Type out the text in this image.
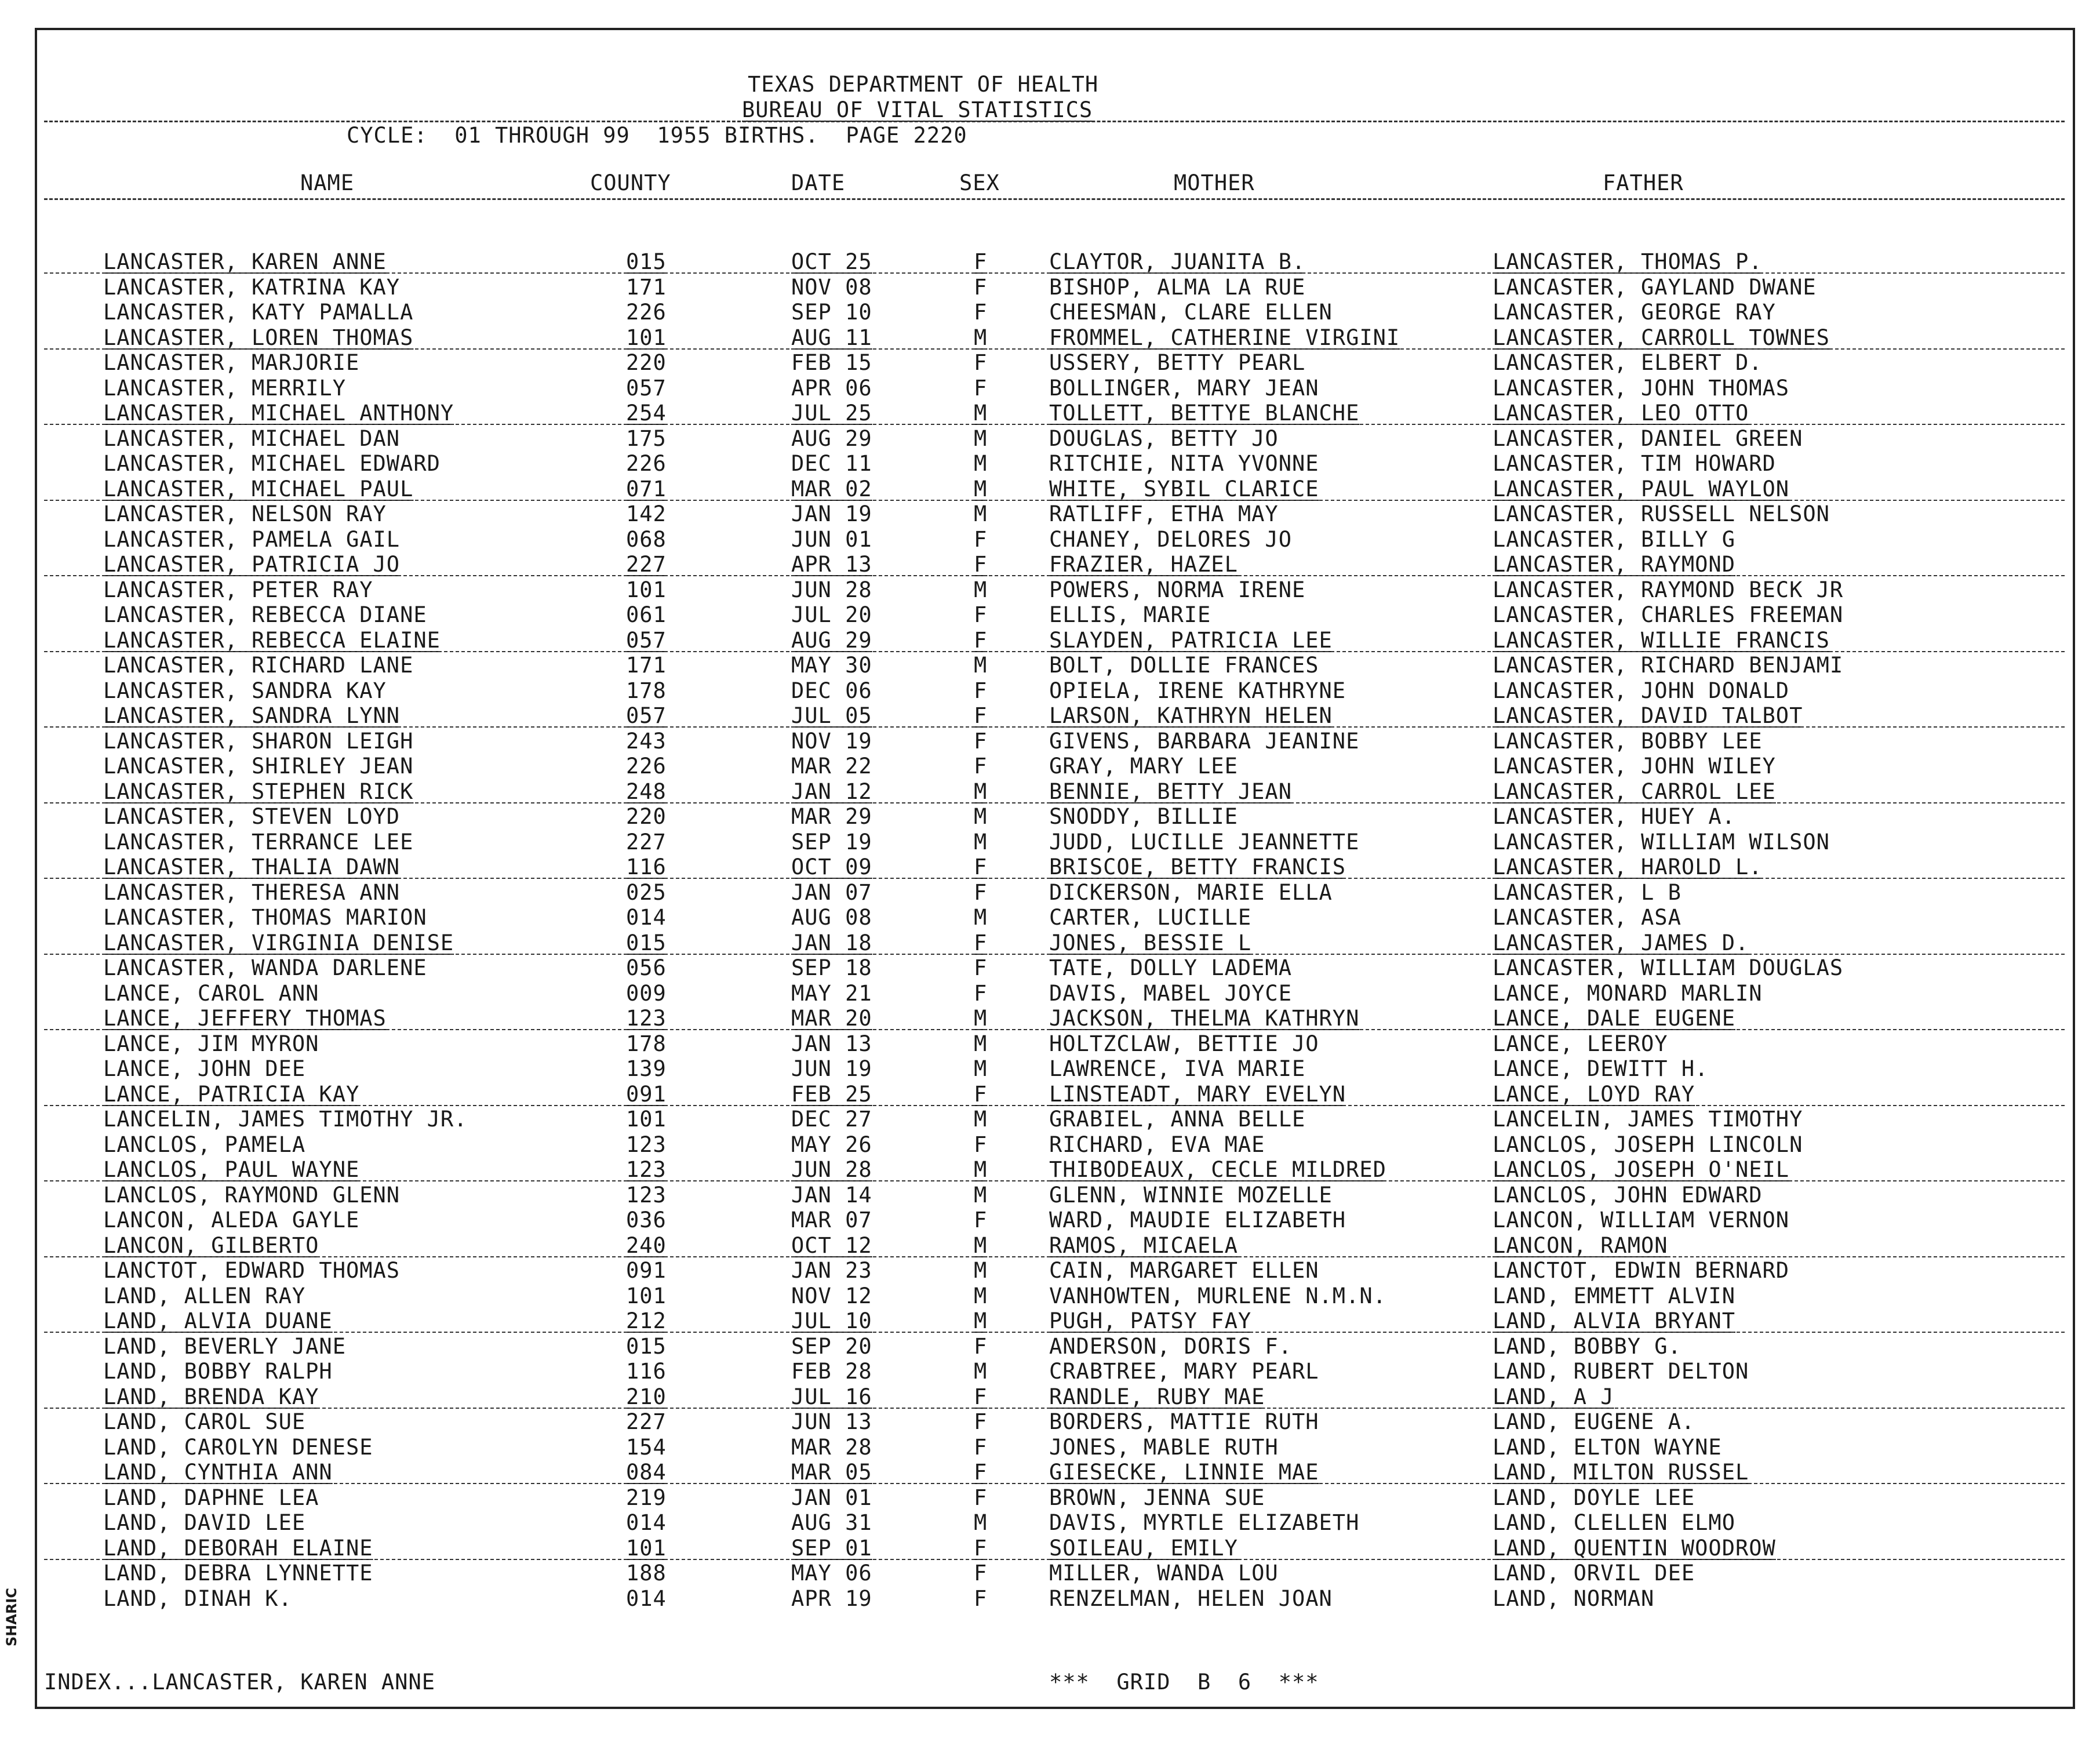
TEXAS DEPARTMENT OF HEALTH
BUREAU OF VITAL STATISTICS
CYCLE:  01 THROUGH 99  1955 BIRTHS.  PAGE 2220
NAME	COUNTY	DATE	SEX	MOTHER	FATHER
LANCASTER, KAREN ANNE	015	OCT 25	F	CLAYTOR, JUANITA B.	LANCASTER, THOMAS P.
LANCASTER, KATRINA KAY	171	NOV 08	F	BISHOP, ALMA LA RUE	LANCASTER, GAYLAND DWANE
LANCASTER, KATY PAMALLA	226	SEP 10	F	CHEESMAN, CLARE ELLEN	LANCASTER, GEORGE RAY
LANCASTER, LOREN THOMAS	101	AUG 11	M	FROMMEL, CATHERINE VIRGINI	LANCASTER, CARROLL TOWNES
LANCASTER, MARJORIE	220	FEB 15	F	USSERY, BETTY PEARL	LANCASTER, ELBERT D.
LANCASTER, MERRILY	057	APR 06	F	BOLLINGER, MARY JEAN	LANCASTER, JOHN THOMAS
LANCASTER, MICHAEL ANTHONY	254	JUL 25	M	TOLLETT, BETTYE BLANCHE	LANCASTER, LEO OTTO
LANCASTER, MICHAEL DAN	175	AUG 29	M	DOUGLAS, BETTY JO	LANCASTER, DANIEL GREEN
LANCASTER, MICHAEL EDWARD	226	DEC 11	M	RITCHIE, NITA YVONNE	LANCASTER, TIM HOWARD
LANCASTER, MICHAEL PAUL	071	MAR 02	M	WHITE, SYBIL CLARICE	LANCASTER, PAUL WAYLON
LANCASTER, NELSON RAY	142	JAN 19	M	RATLIFF, ETHA MAY	LANCASTER, RUSSELL NELSON
LANCASTER, PAMELA GAIL	068	JUN 01	F	CHANEY, DELORES JO	LANCASTER, BILLY G
LANCASTER, PATRICIA JO	227	APR 13	F	FRAZIER, HAZEL	LANCASTER, RAYMOND
LANCASTER, PETER RAY	101	JUN 28	M	POWERS, NORMA IRENE	LANCASTER, RAYMOND BECK JR
LANCASTER, REBECCA DIANE	061	JUL 20	F	ELLIS, MARIE	LANCASTER, CHARLES FREEMAN
LANCASTER, REBECCA ELAINE	057	AUG 29	F	SLAYDEN, PATRICIA LEE	LANCASTER, WILLIE FRANCIS
LANCASTER, RICHARD LANE	171	MAY 30	M	BOLT, DOLLIE FRANCES	LANCASTER, RICHARD BENJAMI
LANCASTER, SANDRA KAY	178	DEC 06	F	OPIELA, IRENE KATHRYNE	LANCASTER, JOHN DONALD
LANCASTER, SANDRA LYNN	057	JUL 05	F	LARSON, KATHRYN HELEN	LANCASTER, DAVID TALBOT
LANCASTER, SHARON LEIGH	243	NOV 19	F	GIVENS, BARBARA JEANINE	LANCASTER, BOBBY LEE
LANCASTER, SHIRLEY JEAN	226	MAR 22	F	GRAY, MARY LEE	LANCASTER, JOHN WILEY
LANCASTER, STEPHEN RICK	248	JAN 12	M	BENNIE, BETTY JEAN	LANCASTER, CARROL LEE
LANCASTER, STEVEN LOYD	220	MAR 29	M	SNODDY, BILLIE	LANCASTER, HUEY A.
LANCASTER, TERRANCE LEE	227	SEP 19	M	JUDD, LUCILLE JEANNETTE	LANCASTER, WILLIAM WILSON
LANCASTER, THALIA DAWN	116	OCT 09	F	BRISCOE, BETTY FRANCIS	LANCASTER, HAROLD L.
LANCASTER, THERESA ANN	025	JAN 07	F	DICKERSON, MARIE ELLA	LANCASTER, L B
LANCASTER, THOMAS MARION	014	AUG 08	M	CARTER, LUCILLE	LANCASTER, ASA
LANCASTER, VIRGINIA DENISE	015	JAN 18	F	JONES, BESSIE L	LANCASTER, JAMES D.
LANCASTER, WANDA DARLENE	056	SEP 18	F	TATE, DOLLY LADEMA	LANCASTER, WILLIAM DOUGLAS
LANCE, CAROL ANN	009	MAY 21	F	DAVIS, MABEL JOYCE	LANCE, MONARD MARLIN
LANCE, JEFFERY THOMAS	123	MAR 20	M	JACKSON, THELMA KATHRYN	LANCE, DALE EUGENE
LANCE, JIM MYRON	178	JAN 13	M	HOLTZCLAW, BETTIE JO	LANCE, LEEROY
LANCE, JOHN DEE	139	JUN 19	M	LAWRENCE, IVA MARIE	LANCE, DEWITT H.
LANCE, PATRICIA KAY	091	FEB 25	F	LINSTEADT, MARY EVELYN	LANCE, LOYD RAY
LANCELIN, JAMES TIMOTHY JR.	101	DEC 27	M	GRABIEL, ANNA BELLE	LANCELIN, JAMES TIMOTHY
LANCLOS, PAMELA	123	MAY 26	F	RICHARD, EVA MAE	LANCLOS, JOSEPH LINCOLN
LANCLOS, PAUL WAYNE	123	JUN 28	M	THIBODEAUX, CECLE MILDRED	LANCLOS, JOSEPH O'NEIL
LANCLOS, RAYMOND GLENN	123	JAN 14	M	GLENN, WINNIE MOZELLE	LANCLOS, JOHN EDWARD
LANCON, ALEDA GAYLE	036	MAR 07	F	WARD, MAUDIE ELIZABETH	LANCON, WILLIAM VERNON
LANCON, GILBERTO	240	OCT 12	M	RAMOS, MICAELA	LANCON, RAMON
LANCTOT, EDWARD THOMAS	091	JAN 23	M	CAIN, MARGARET ELLEN	LANCTOT, EDWIN BERNARD
LAND, ALLEN RAY	101	NOV 12	M	VANHOWTEN, MURLENE N.M.N.	LAND, EMMETT ALVIN
LAND, ALVIA DUANE	212	JUL 10	M	PUGH, PATSY FAY	LAND, ALVIA BRYANT
LAND, BEVERLY JANE	015	SEP 20	F	ANDERSON, DORIS F.	LAND, BOBBY G.
LAND, BOBBY RALPH	116	FEB 28	M	CRABTREE, MARY PEARL	LAND, RUBERT DELTON
LAND, BRENDA KAY	210	JUL 16	F	RANDLE, RUBY MAE	LAND, A J
LAND, CAROL SUE	227	JUN 13	F	BORDERS, MATTIE RUTH	LAND, EUGENE A.
LAND, CAROLYN DENESE	154	MAR 28	F	JONES, MABLE RUTH	LAND, ELTON WAYNE
LAND, CYNTHIA ANN	084	MAR 05	F	GIESECKE, LINNIE MAE	LAND, MILTON RUSSEL
LAND, DAPHNE LEA	219	JAN 01	F	BROWN, JENNA SUE	LAND, DOYLE LEE
LAND, DAVID LEE	014	AUG 31	M	DAVIS, MYRTLE ELIZABETH	LAND, CLELLEN ELMO
LAND, DEBORAH ELAINE	101	SEP 01	F	SOILEAU, EMILY	LAND, QUENTIN WOODROW
LAND, DEBRA LYNNETTE	188	MAY 06	F	MILLER, WANDA LOU	LAND, ORVIL DEE
LAND, DINAH K.	014	APR 19	F	RENZELMAN, HELEN JOAN	LAND, NORMAN
INDEX...LANCASTER, KAREN ANNE	***  GRID  B  6  ***
SHARIC
